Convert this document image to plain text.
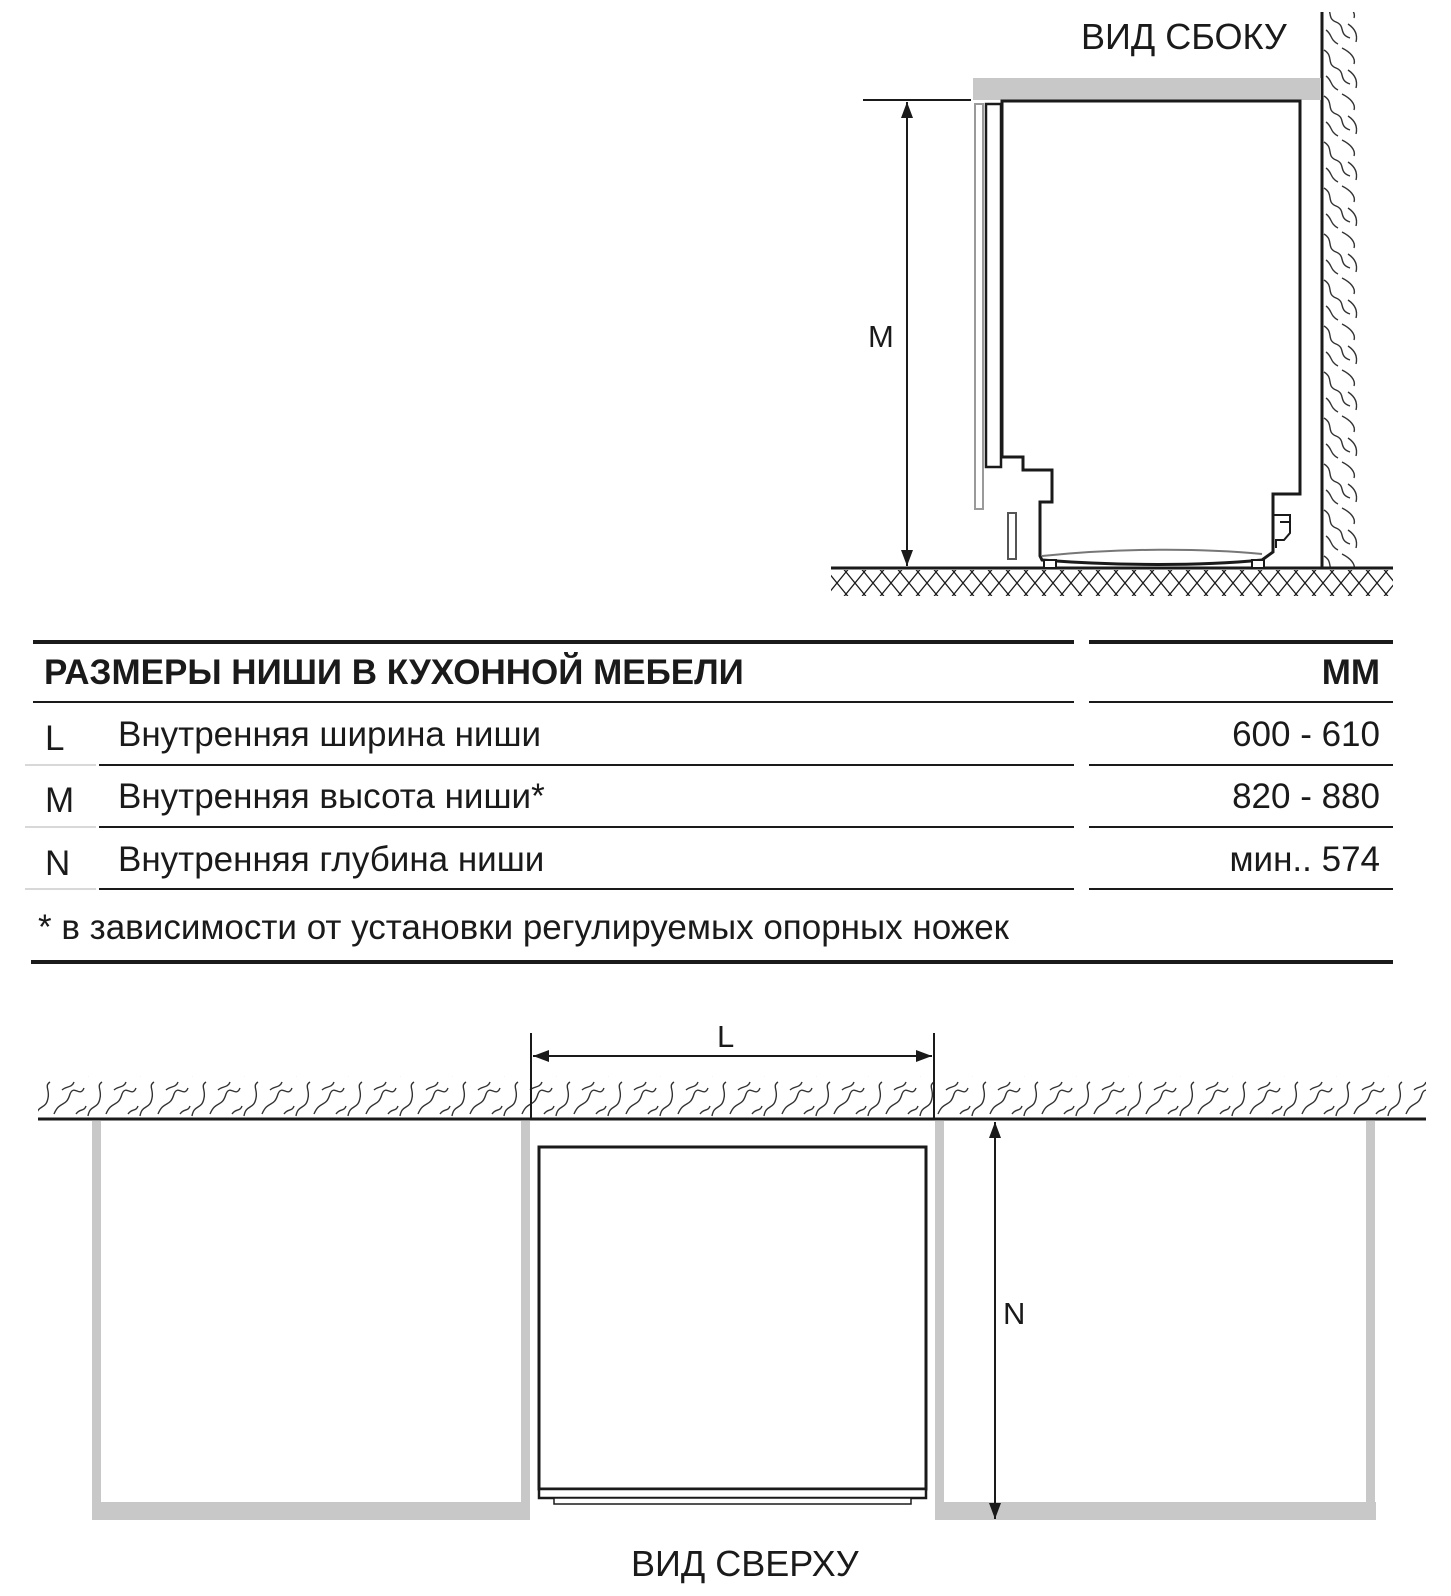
ВИД СБОКУ
M
РАЗМЕРЫ НИШИ В КУХОННОЙ МЕБЕЛИ	ММ
L Внутренняя ширина ниши	600 - 610
M Внутренняя высота ниши*	820 - 880
N Внутренняя глубина ниши	мин.. 574
* в зависимости от установки регулируемых опорных ножек
L
N
ВИД СВЕРХУ
